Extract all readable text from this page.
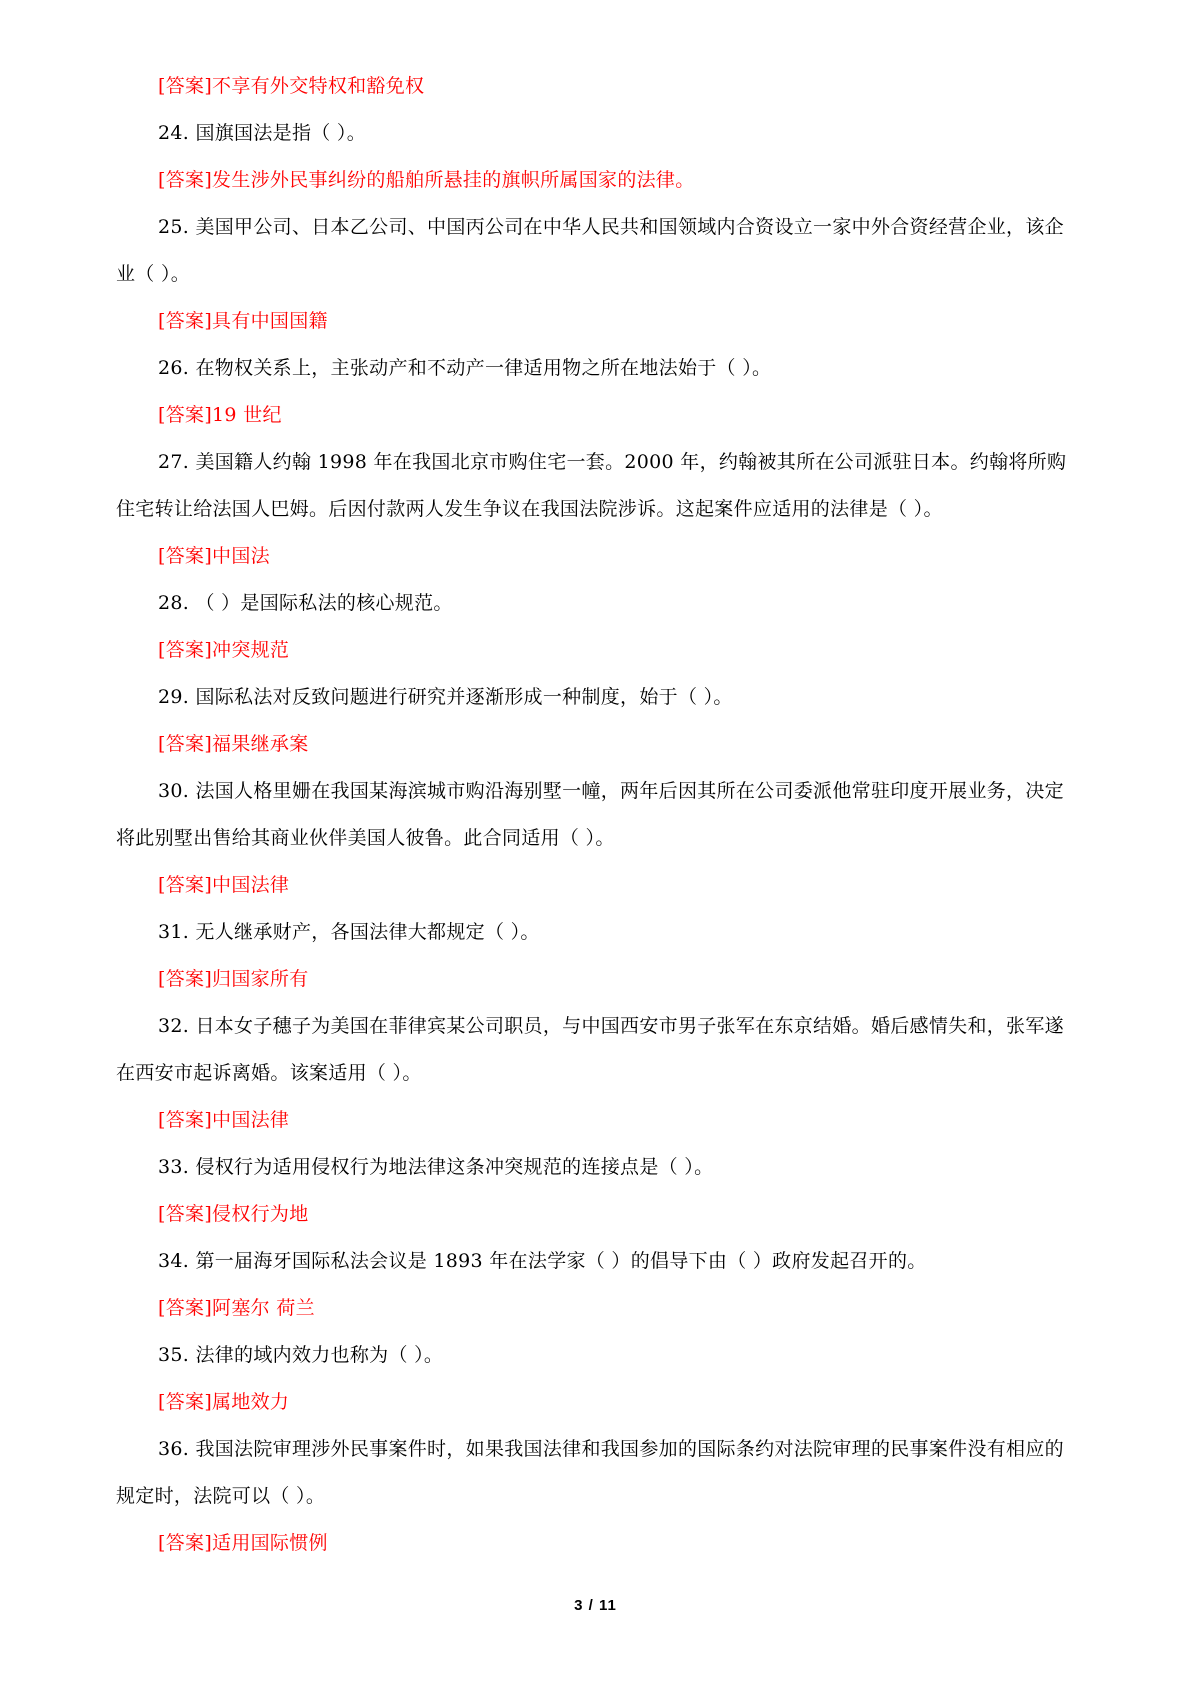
[答案]不享有外交特权和豁免权

24. 国旗国法是指（ ）。

[答案]发生涉外民事纠纷的船舶所悬挂的旗帜所属国家的法律。

25. 美国甲公司、日本乙公司、中国丙公司在中华人民共和国领域内合资设立一家中外合资经营企业，该企业（ ）。

[答案]具有中国国籍

26. 在物权关系上，主张动产和不动产一律适用物之所在地法始于（ ）。

[答案]19 世纪

27. 美国籍人约翰 1998 年在我国北京市购住宅一套。2000 年，约翰被其所在公司派驻日本。约翰将所购住宅转让给法国人巴姆。后因付款两人发生争议在我国法院涉诉。这起案件应适用的法律是（ ）。

[答案]中国法

28. （ ）是国际私法的核心规范。

[答案]冲突规范

29. 国际私法对反致问题进行研究并逐渐形成一种制度，始于（ ）。

[答案]福果继承案

30. 法国人格里姗在我国某海滨城市购沿海别墅一幢，两年后因其所在公司委派他常驻印度开展业务，决定将此别墅出售给其商业伙伴美国人彼鲁。此合同适用（ ）。

[答案]中国法律

31. 无人继承财产，各国法律大都规定（ ）。

[答案]归国家所有

32. 日本女子穗子为美国在菲律宾某公司职员，与中国西安市男子张军在东京结婚。婚后感情失和，张军遂在西安市起诉离婚。该案适用（ ）。

[答案]中国法律

33. 侵权行为适用侵权行为地法律这条冲突规范的连接点是（ ）。

[答案]侵权行为地

34. 第一届海牙国际私法会议是 1893 年在法学家（ ）的倡导下由（ ）政府发起召开的。

[答案]阿塞尔 荷兰

35. 法律的域内效力也称为（ ）。

[答案]属地效力

36. 我国法院审理涉外民事案件时，如果我国法律和我国参加的国际条约对法院审理的民事案件没有相应的规定时，法院可以（ ）。

[答案]适用国际惯例

3 / 11
